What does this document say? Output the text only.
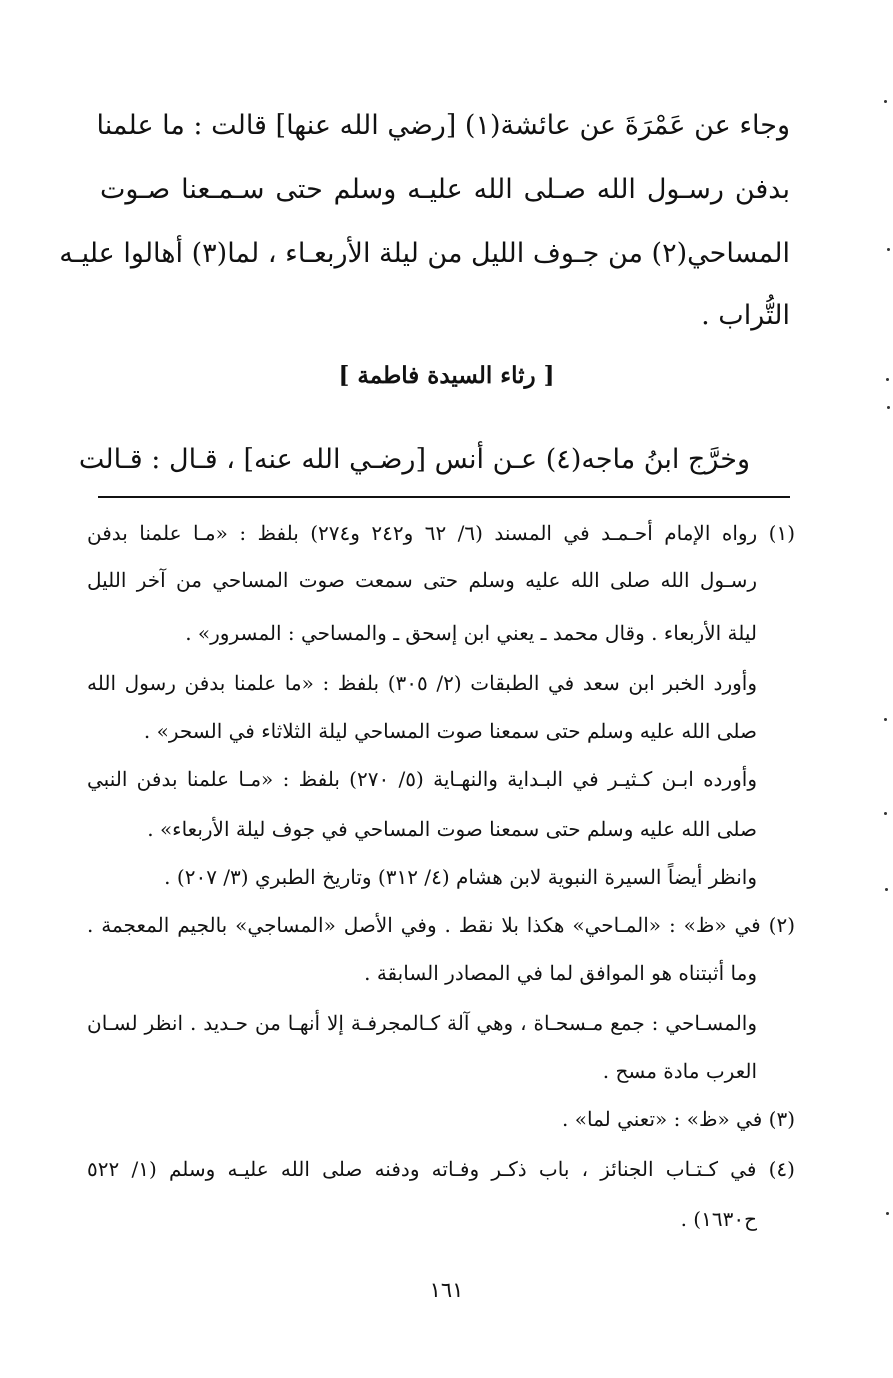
وجاء عن عَمْرَةَ عن عائشة(١) [رضي الله عنها] قالت : ما علمنا
بدفن رسـول الله صـلى الله عليـه وسلم حتى سـمـعنا صـوت
المساحي(٢) من جـوف الليل من ليلة الأربعـاء ، لما(٣) أهالوا عليـه
التُّراب .
[ رثاء السيدة فاطمة ]
وخرَّج ابنُ ماجه(٤) عـن أنس [رضـي الله عنه] ، قـال : قـالت
(١) رواه الإمام أحـمـد في المسند (٦/ ٦٢ و٢٤٢ و٢٧٤) بلفظ : «مـا علمنا بدفن
رسـول الله صلى الله عليه وسلم حتى سمعت صوت المساحي من آخر الليل
ليلة الأربعاء . وقال محمد ـ يعني ابن إسحق ـ والمساحي : المسرور» .
وأورد الخبر ابن سعد في الطبقات (٢/ ٣٠٥) بلفظ : «ما علمنا بدفن رسول الله
صلى الله عليه وسلم حتى سمعنا صوت المساحي ليلة الثلاثاء في السحر» .
وأورده ابـن كـثيـر في البـداية والنهـاية (٥/ ٢٧٠) بلفظ : «مـا علمنا بدفن النبي
صلى الله عليه وسلم حتى سمعنا صوت المساحي في جوف ليلة الأربعاء» .
وانظر أيضاً السيرة النبوية لابن هشام (٤/ ٣١٢) وتاريخ الطبري (٣/ ٢٠٧) .
(٢) في «ظ» : «المـاحي» هكذا بلا نقط . وفي الأصل «المساجي» بالجيم المعجمة .
وما أثبتناه هو الموافق لما في المصادر السابقة .
والمسـاحي : جمع مـسحـاة ، وهي آلة كـالمجرفـة إلا أنهـا من حـديد . انظر لسـان
العرب مادة مسح .
(٣) في «ظ» : «تعني لما» .
(٤) في كـتـاب الجنائز ، باب ذكـر وفـاته ودفنه صلى الله عليـه وسلم (١/ ٥٢٢
ح١٦٣٠) .
١٦١
